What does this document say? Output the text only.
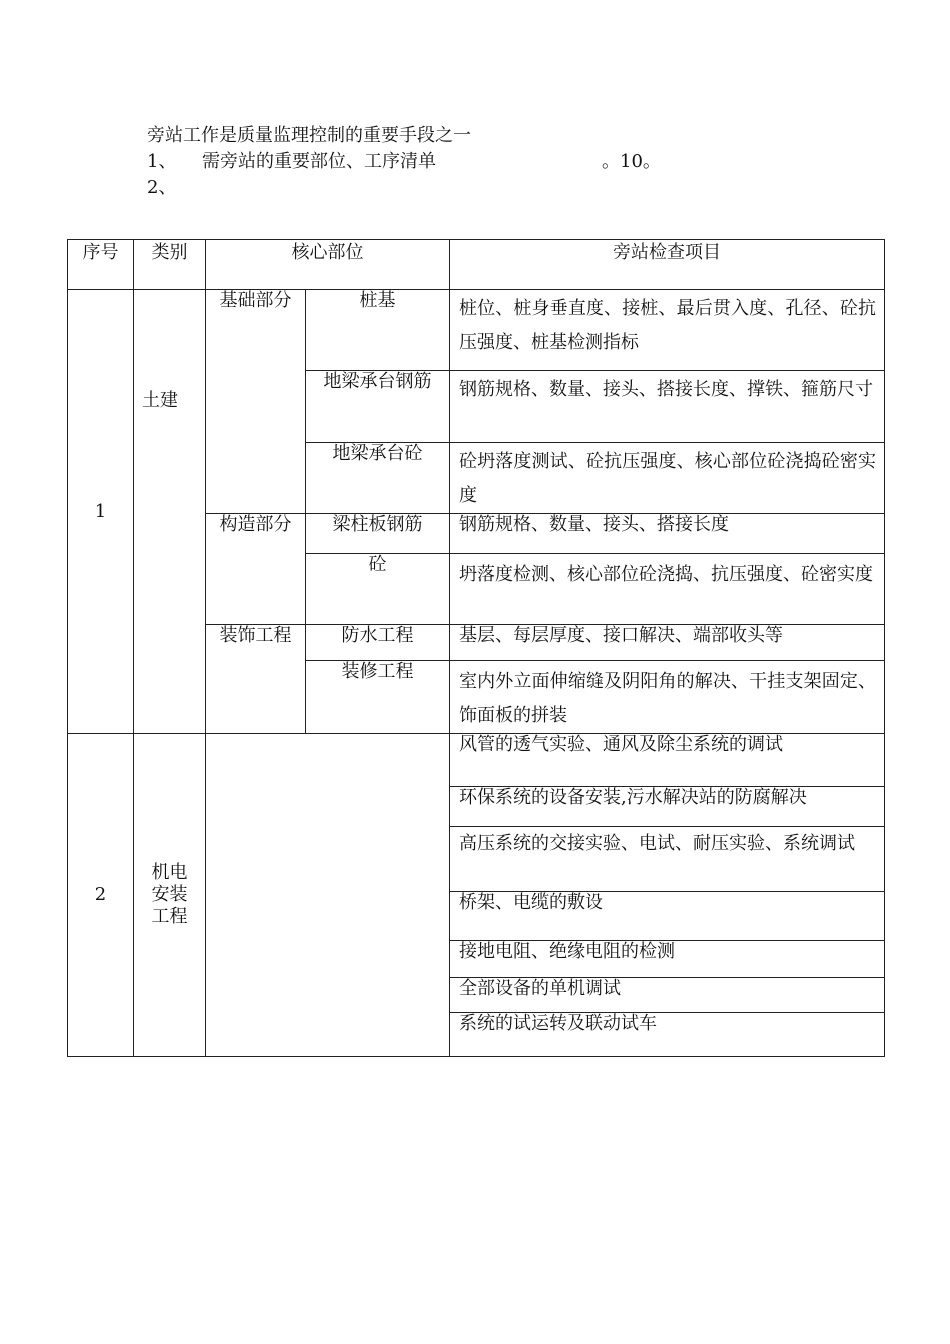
旁站工作是质量监理控制的重要手段之一
1、 需旁站的重要部位、工序清单	。10。
2、
序号	类别	核心部位		旁站检查项目
1	土建	基础部分	桩基	桩位、桩身垂直度、接桩、最后贯入度、孔径、砼抗压强度、桩基检测指标
			地梁承台钢筋	钢筋规格、数量、接头、搭接长度、撑铁、箍筋尺寸
			地梁承台砼	砼坍落度测试、砼抗压强度、核心部位砼浇捣砼密实度
		构造部分	梁柱板钢筋	钢筋规格、数量、接头、搭接长度
			砼	坍落度检测、核心部位砼浇捣、抗压强度、砼密实度
		装饰工程	防水工程	基层、每层厚度、接口解决、端部收头等
			装修工程	室内外立面伸缩缝及阴阳角的解决、干挂支架固定、饰面板的拼装
2	机电安装工程			风管的透气实验、通风及除尘系统的调试
				环保系统的设备安装,污水解决站的防腐解决
				高压系统的交接实验、电试、耐压实验、系统调试
				桥架、电缆的敷设
				接地电阻、绝缘电阻的检测
				全部设备的单机调试
				系统的试运转及联动试车
